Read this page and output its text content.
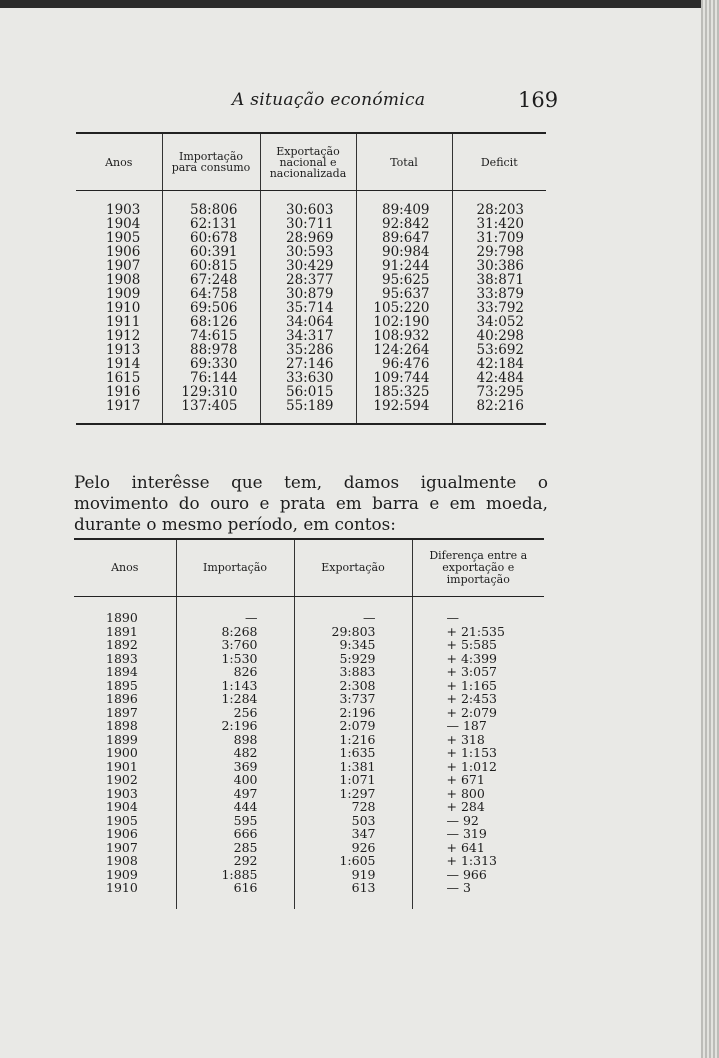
A situação económica	169
Anos	Importação para consumo	Exportação nacional e nacionalizada	Total	Deficit

1903	58:806	30:603	89:409	28:203
1904	62:131	30:711	92:842	31:420
1905	60:678	28:969	89:647	31:709
1906	60:391	30:593	90:984	29:798
1907	60:815	30:429	91:244	30:386
1908	67:248	28:377	95:625	38:871
1909	64:758	30:879	95:637	33:879
1910	69:506	35:714	105:220	33:792
1911	68:126	34:064	102:190	34:052
1912	74:615	34:317	108:932	40:298
1913	88:978	35:286	124:264	53:692
1914	69:330	27:146	96:476	42:184
1615	76:144	33:630	109:744	42:484
1916	129:310	56:015	185:325	73:295
1917	137:405	55:189	192:594	82:216

Pelo interêsse que tem, damos igualmente o movimento do ouro e prata em barra e em moeda, durante o mesmo período, em contos:

Anos	Importação	Exportação	Diferença entre a exportação e importação

1890	—	—	—
1891	8:268	29:803	+ 21:535
1892	3:760	9:345	+ 5:585
1893	1:530	5:929	+ 4:399
1894	826	3:883	+ 3:057
1895	1:143	2:308	+ 1:165
1896	1:284	3:737	+ 2:453
1897	256	2:196	+ 2:079
1898	2:196	2:079	— 187
1899	898	1:216	+ 318
1900	482	1:635	+ 1:153
1901	369	1:381	+ 1:012
1902	400	1:071	+ 671
1903	497	1:297	+ 800
1904	444	728	+ 284
1905	595	503	— 92
1906	666	347	— 319
1907	285	926	+ 641
1908	292	1:605	+ 1:313
1909	1:885	919	— 966
1910	616	613	— 3
